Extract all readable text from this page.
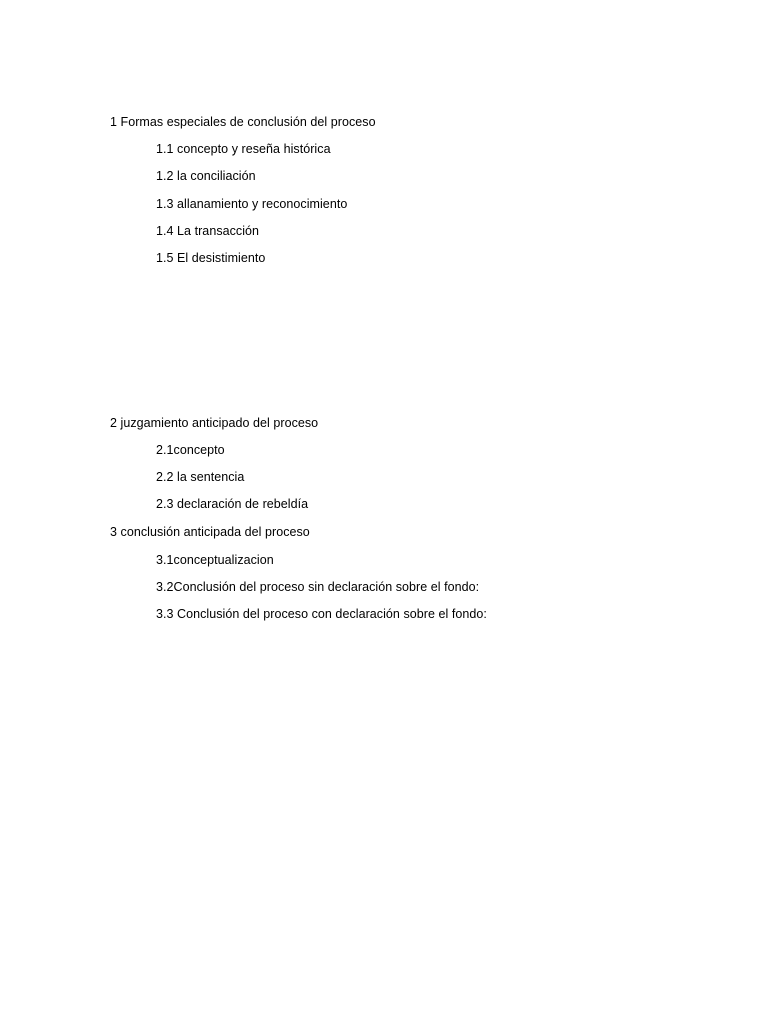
1 Formas especiales de conclusión del proceso
1.1 concepto y reseña histórica
1.2 la conciliación
1.3 allanamiento y reconocimiento
1.4 La transacción
1.5 El desistimiento
2 juzgamiento anticipado del proceso
2.1concepto
2.2 la sentencia
2.3 declaración de rebeldía
3 conclusión anticipada del proceso
3.1conceptualizacion
3.2Conclusión del proceso sin declaración sobre el fondo:
3.3 Conclusión del proceso con declaración sobre el fondo:
